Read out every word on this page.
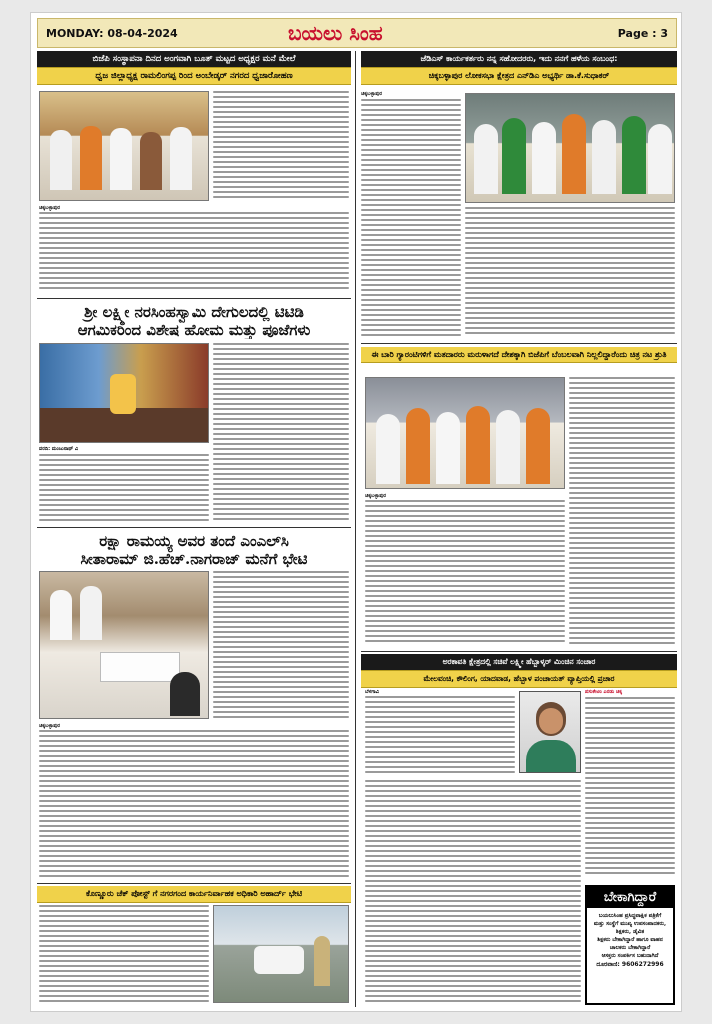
MONDAY: 08-04-2024	ಬಯಲು ಸಿಂಹ	Page : 3
ಬಿಜೆಪಿ ಸಂಸ್ಥಾಪನಾ ದಿನದ ಅಂಗವಾಗಿ ಬೂತ್ ಮಟ್ಟದ ಅಧ್ಯಕ್ಷರ ಮನೆ ಮೇಲೆ
ಧ್ವಜ ಜಿಲ್ಲಾಧ್ಯಕ್ಷ ರಾಮಲಿಂಗಪ್ಪ ರಿಂದ ಅಂಬೇಡ್ಕರ್ ನಗರದ ಧ್ವಜಾರೋಹಣ
ಚಿಕ್ಕಬಳ್ಳಾಪುರ
ಶ್ರೀ ಲಕ್ಷ್ಮೀ ನರಸಿಂಹಸ್ವಾಮಿ ದೇಗುಲದಲ್ಲಿ ಟಿಟಿಡಿ
ಆಗಮಿಕರಿಂದ ವಿಶೇಷ ಹೋಮ ಮತ್ತು ಪೂಜೆಗಳು
ವರದಿ: ಮಂಜುನಾಥ್ ವಿ
ರಕ್ಷಾ ರಾಮಯ್ಯ ಅವರ ತಂದೆ ಎಂಎಲ್‌ಸಿ
ಸೀತಾರಾಮ್ ಜಿ.ಹೆಚ್.ನಾಗರಾಜ್ ಮನೆಗೆ ಭೇಟಿ
ಚಿಕ್ಕಬಳ್ಳಾಪುರ
ಕೊಣ್ಣೂರು ಚೆಕ್ ಪೋಸ್ಟ್ ಗೆ ನಗರಗಂದ ಕಾರ್ಯನಿರ್ವಾಹಕ ಅಧಿಕಾರಿ ಅಹಾರ್ದ್ ಭೇಟಿ
ಜೆಡಿಎಸ್ ಕಾರ್ಯಕರ್ತರು ನನ್ನ ಸಹೋದರರು, ಇದು ನನಗೆ ಹಳೆಯ ಸಂಬಂಧ:
ಚಿಕ್ಕಬಳ್ಳಾಪುರ ಲೋಕಸಭಾ ಕ್ಷೇತ್ರದ ಎನ್‌ಡಿಎ ಅಭ್ಯರ್ಥಿ ಡಾ.ಕೆ.ಸುಧಾಕರ್
ಚಿಕ್ಕಬಳ್ಳಾಪುರ
ಈ ಬಾರಿ ಗ್ಯಾರಂಟಿಗಳಿಗೆ ಮತದಾರರು ಮರುಳಾಗದೆ ದೇಶಕ್ಕಾಗಿ ಬಿಜೆಪಿಗೆ ಬೆಂಬಲವಾಗಿ ನಿಲ್ಲಲಿದ್ದಾರೆಂದು ಚಿತ್ರ ನಟ ಶ್ರುತಿ
ಚಿಕ್ಕಬಳ್ಳಾಪುರ
ಅರಕಾವತಿ ಕ್ಷೇತ್ರದಲ್ಲಿ ಸಚಿವೆ ಲಕ್ಷ್ಮೀ ಹೆಬ್ಬಾಳ್ಕರ್ ಮಿಂಚಿನ ಸಂಚಾರ
ಮೇಲವಂಚಿ, ಕೌಲಿಂಗ, ಯಾದವಾಡ, ಹೆಬ್ಬಾಳ ಪಂಚಾಯತ್ ವ್ಯಾಪ್ತಿಯಲ್ಲಿ ಪ್ರಚಾರ
ಬೆಳಗಾವಿ	ಪಸುಕೇಟಿಂ ಎರಡು ಚಿಕ್ಕ
ಬೇಕಾಗಿದ್ದಾರೆ
ಬಯಲುಸಿಂಹ ಪ್ರಸಿದ್ಧಪಾಕ್ಷಿಕ ಪತ್ರಿಕೆಗೆ
ಮತ್ತು ಸಂಸ್ಥೆಗೆ ಮುಖ್ಯ ಉಪಸಂಪಾದಕರು, ಶಿಕ್ಷಕರು, ಡೈವಿತ
ಶಿಕ್ಷಕರು ಬೇಕಾಗಿದ್ದಾರೆ ಹಾಗೂ ವಾಹನ
ಚಾಲಕರು ಬೇಕಾಗಿದ್ದಾರೆ
ಆಸಕ್ತರು ಸಂಪರ್ಕಿಸ ಬಹುದಾಗಿದೆ
ದೂರವಾಣಿ: 9606272996
